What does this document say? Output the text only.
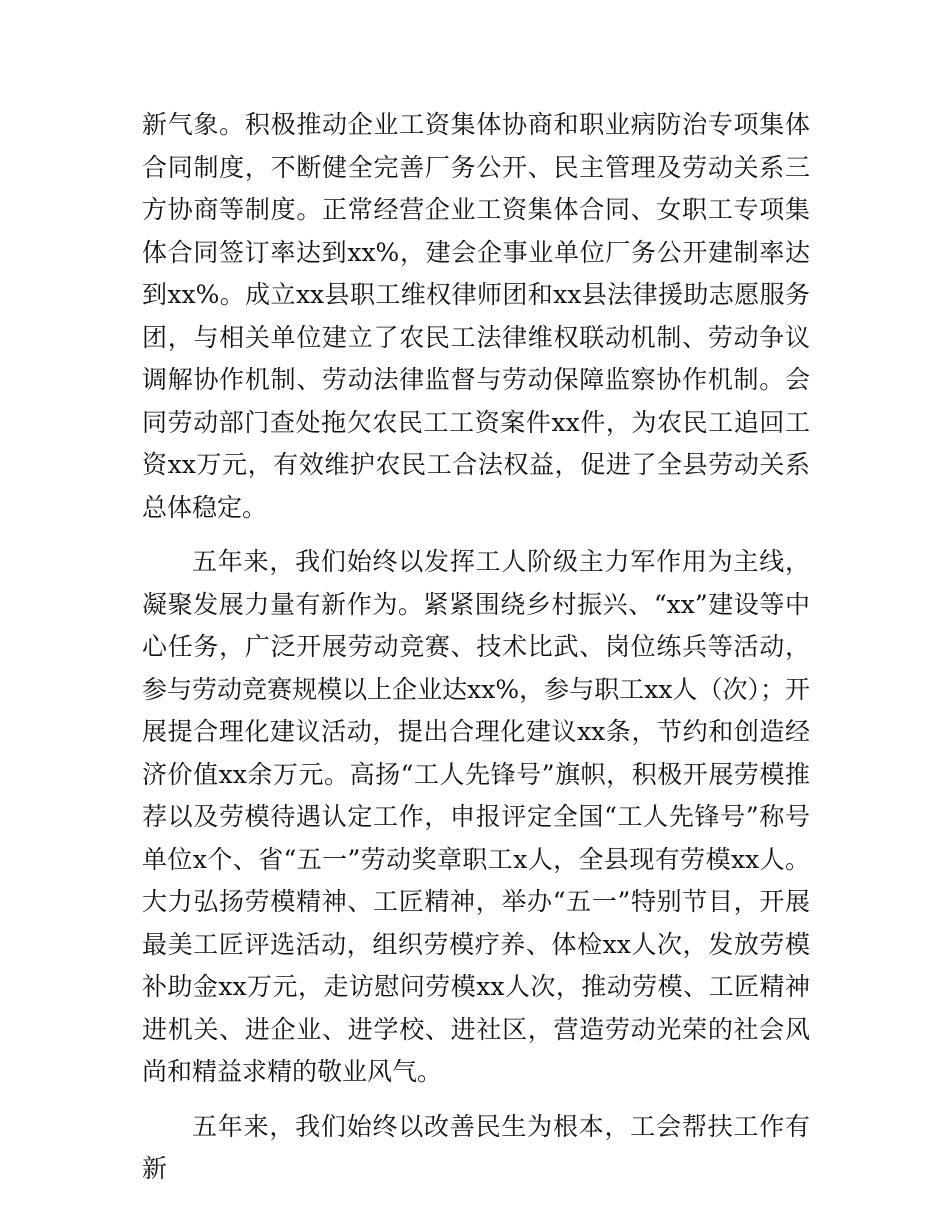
新气象。积极推动企业工资集体协商和职业病防治专项集体合同制度，不断健全完善厂务公开、民主管理及劳动关系三方协商等制度。正常经营企业工资集体合同、女职工专项集体合同签订率达到xx%，建会企事业单位厂务公开建制率达到xx%。成立xx县职工维权律师团和xx县法律援助志愿服务团，与相关单位建立了农民工法律维权联动机制、劳动争议调解协作机制、劳动法律监督与劳动保障监察协作机制。会同劳动部门查处拖欠农民工工资案件xx件，为农民工追回工资xx万元，有效维护农民工合法权益，促进了全县劳动关系总体稳定。

五年来，我们始终以发挥工人阶级主力军作用为主线，凝聚发展力量有新作为。紧紧围绕乡村振兴、“xx”建设等中心任务，广泛开展劳动竞赛、技术比武、岗位练兵等活动，参与劳动竞赛规模以上企业达xx%，参与职工xx人（次）；开展提合理化建议活动，提出合理化建议xx条，节约和创造经济价值xx余万元。高扬“工人先锋号”旗帜，积极开展劳模推荐以及劳模待遇认定工作，申报评定全国“工人先锋号”称号单位x个、省“五一”劳动奖章职工x人，全县现有劳模xx人。大力弘扬劳模精神、工匠精神，举办“五一”特别节目，开展最美工匠评选活动，组织劳模疗养、体检xx人次，发放劳模补助金xx万元，走访慰问劳模xx人次，推动劳模、工匠精神进机关、进企业、进学校、进社区，营造劳动光荣的社会风尚和精益求精的敬业风气。

五年来，我们始终以改善民生为根本，工会帮扶工作有新
